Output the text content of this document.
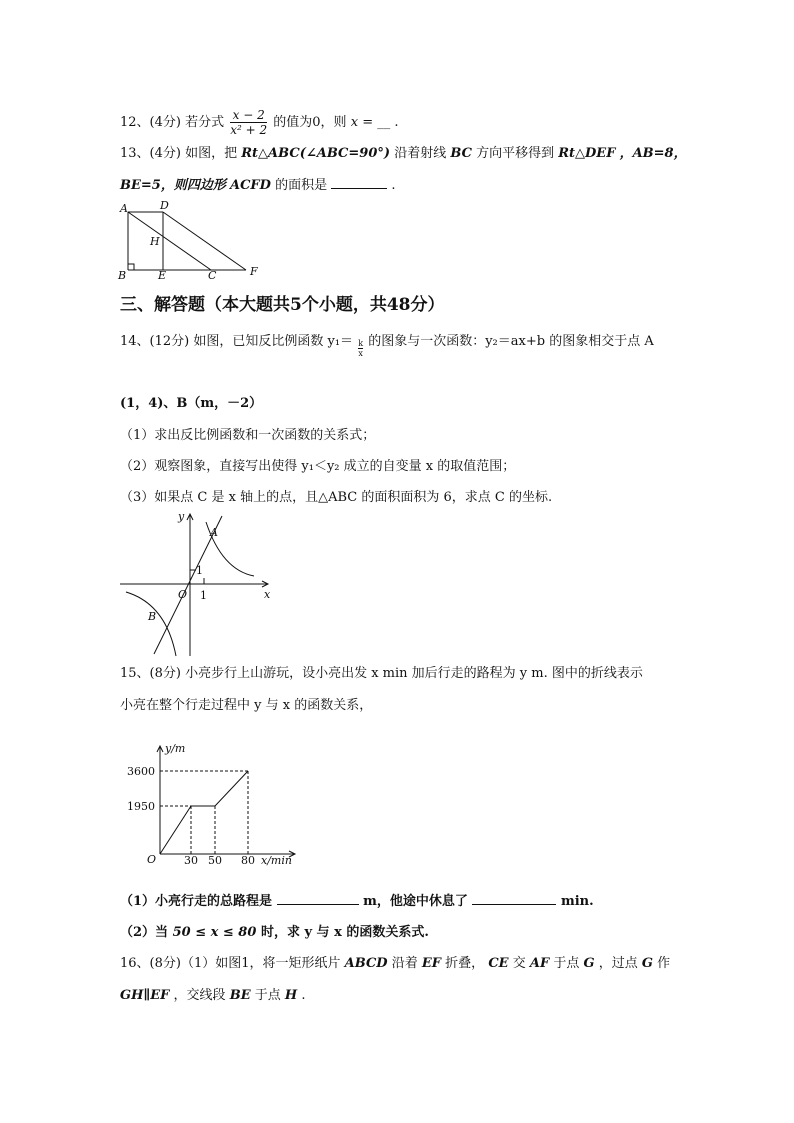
12、(4分) 若分式 $\frac{x - 2}{\text{x² + 2}}$ 的值为0，则 x = __ .
13、(4分) 如图，把 Rt△ABC(∠ABC=90°) 沿着射线 BC 方向平移得到 Rt△DEF ，AB=8，
BE=5，则四边形 ACFD 的面积是	.
A	D
H
B	E	C	F
三、解答题（本大题共5个小题，共48分）
14、(12分) 如图，已知反比例函数 $y_1= \frac{k}{x}$ 的图象与一次函数：y₂＝ax+b 的图象相交于点 A
(1，4)、B（m，－2）
（1）求出反比例函数和一次函数的关系式；
（2）观察图象，直接写出使得 y₁＜y₂ 成立的自变量 x 的取值范围；
（3）如果点 C 是 x 轴上的点，且△ABC 的面积面积为 6，求点 C 的坐标.
y
x
O
A
B
1
1
15、(8分) 小亮步行上山游玩，设小亮出发 x min 加后行走的路程为 y m. 图中的折线表示
小亮在整个行走过程中 y 与 x 的函数关系，
y/m
x/min
O
3600
1950
30 50 80
（1）小亮行走的总路程是	m，他途中休息了	min.
（2）当 50 ≤ x ≤ 80 时，求 y 与 x 的函数关系式.
16、(8分)（1）如图1，将一矩形纸片 ABCD 沿着 EF 折叠， CE 交 AF 于点 G ，过点 G 作
GH∥EF ，交线段 BE 于点 H .
